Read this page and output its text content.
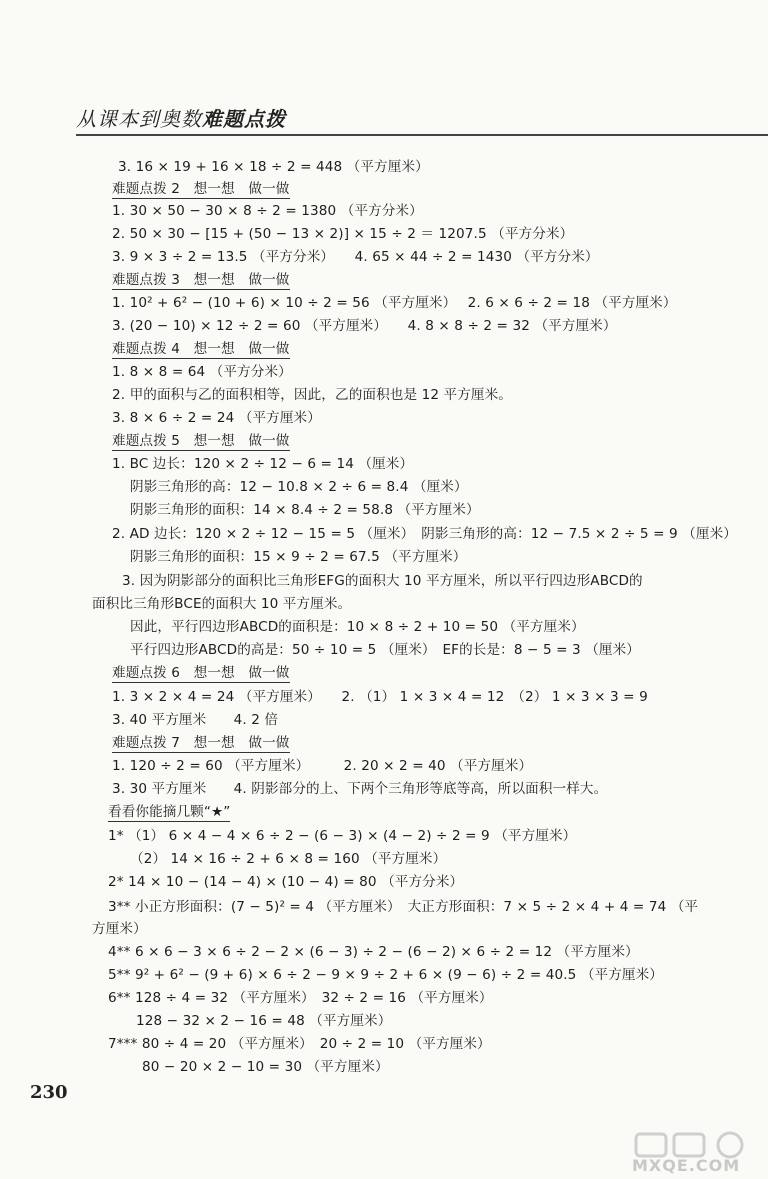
从课本到奥数难题点拨
3. 16 × 19 + 16 × 18 ÷ 2 = 448 （平方厘米）
难题点拨 2　想一想　做一做
1. 30 × 50 − 30 × 8 ÷ 2 = 1380 （平方分米）
2. 50 × 30 − [15 + (50 − 13 × 2)] × 15 ÷ 2 ＝ 1207.5 （平方分米）
3. 9 × 3 ÷ 2 = 13.5 （平方分米）　　4. 65 × 44 ÷ 2 = 1430 （平方分米）
难题点拨 3　想一想　做一做
1. 10² + 6² − (10 + 6) × 10 ÷ 2 = 56 （平方厘米）　 2. 6 × 6 ÷ 2 = 18 （平方厘米）
3. (20 − 10) × 12 ÷ 2 = 60 （平方厘米）　　4. 8 × 8 ÷ 2 = 32 （平方厘米）
难题点拨 4　想一想　做一做
1. 8 × 8 = 64 （平方分米）
2. 甲的面积与乙的面积相等，因此，乙的面积也是 12 平方厘米。
3. 8 × 6 ÷ 2 = 24 （平方厘米）
难题点拨 5　想一想　做一做
1. BC 边长：120 × 2 ÷ 12 − 6 = 14 （厘米）
阴影三角形的高：12 − 10.8 × 2 ÷ 6 = 8.4 （厘米）
阴影三角形的面积：14 × 8.4 ÷ 2 = 58.8 （平方厘米）
2. AD 边长：120 × 2 ÷ 12 − 15 = 5 （厘米）　阴影三角形的高：12 − 7.5 × 2 ÷ 5 = 9 （厘米）
阴影三角形的面积：15 × 9 ÷ 2 = 67.5 （平方厘米）
3. 因为阴影部分的面积比三角形EFG的面积大 10 平方厘米，所以平行四边形ABCD的
面积比三角形BCE的面积大 10 平方厘米。
因此，平行四边形ABCD的面积是：10 × 8 ÷ 2 + 10 = 50 （平方厘米）
平行四边形ABCD的高是：50 ÷ 10 = 5 （厘米）　EF的长是：8 − 5 = 3 （厘米）
难题点拨 6　想一想　做一做
1. 3 × 2 × 4 = 24 （平方厘米）　　2. （1） 1 × 3 × 4 = 12　（2） 1 × 3 × 3 = 9
3. 40 平方厘米　　4. 2 倍
难题点拨 7　想一想　做一做
1. 120 ÷ 2 = 60 （平方厘米）　　　2. 20 × 2 = 40 （平方厘米）
3. 30 平方厘米　　4. 阴影部分的上、下两个三角形等底等高，所以面积一样大。
看看你能摘几颗“★”
1* （1） 6 × 4 − 4 × 6 ÷ 2 − (6 − 3) × (4 − 2) ÷ 2 = 9 （平方厘米）
（2） 14 × 16 ÷ 2 + 6 × 8 = 160 （平方厘米）
2* 14 × 10 − (14 − 4) × (10 − 4) = 80 （平方分米）
3** 小正方形面积：(7 − 5)² = 4 （平方厘米）　大正方形面积：7 × 5 ÷ 2 × 4 + 4 = 74 （平
方厘米）
4** 6 × 6 − 3 × 6 ÷ 2 − 2 × (6 − 3) ÷ 2 − (6 − 2) × 6 ÷ 2 = 12 （平方厘米）
5** 9² + 6² − (9 + 6) × 6 ÷ 2 − 9 × 9 ÷ 2 + 6 × (9 − 6) ÷ 2 = 40.5 （平方厘米）
6** 128 ÷ 4 = 32 （平方厘米）　32 ÷ 2 = 16 （平方厘米）
128 − 32 × 2 − 16 = 48 （平方厘米）
7*** 80 ÷ 4 = 20 （平方厘米）　20 ÷ 2 = 10 （平方厘米）
80 − 20 × 2 − 10 = 30 （平方厘米）
230
MXQE.COM
